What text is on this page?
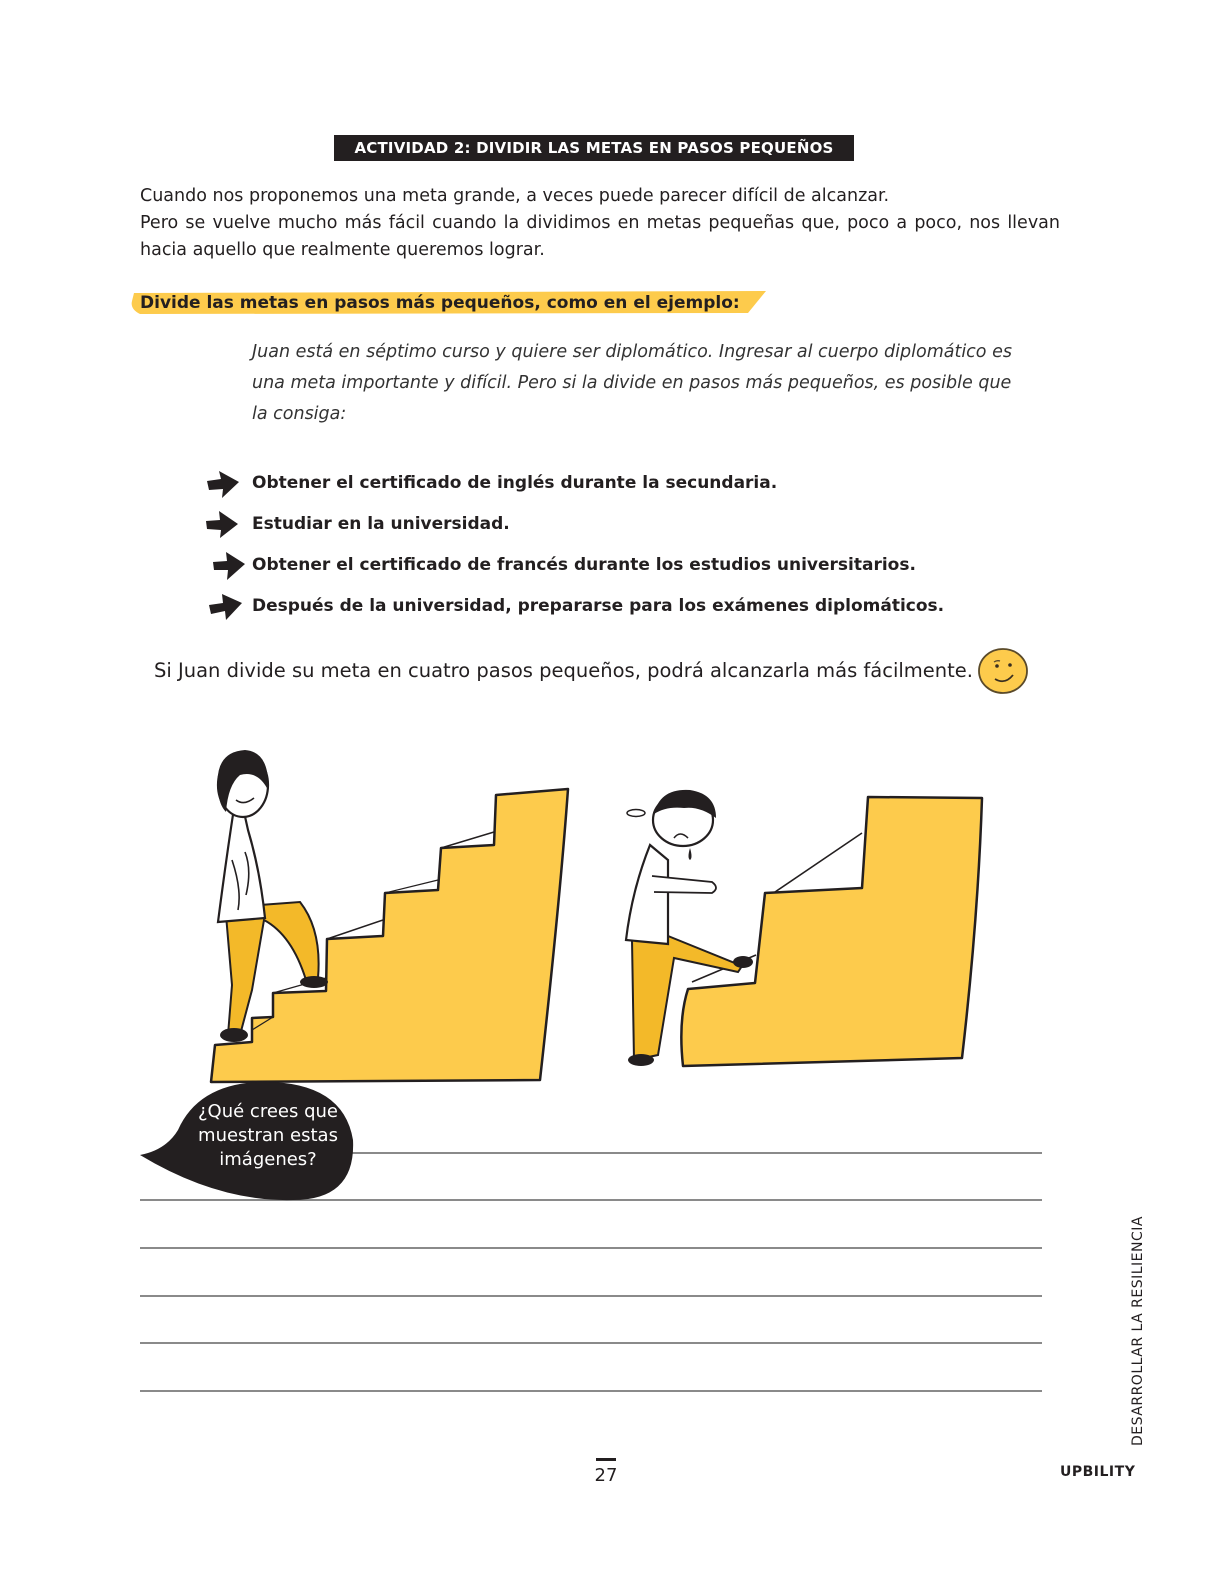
ACTIVIDAD 2: DIVIDIR LAS METAS EN PASOS PEQUEÑOS

Cuando nos proponemos una meta grande, a veces puede parecer difícil de alcanzar.

Pero se vuelve mucho más fácil cuando la dividimos en metas pequeñas que, poco a poco, nos llevan hacia aquello que realmente queremos lograr.

Divide las metas en pasos más pequeños, como en el ejemplo:
Juan está en séptimo curso y quiere ser diplomático. Ingresar al cuerpo diplomático es una meta importante y difícil. Pero si la divide en pasos más pequeños, es posible que la consiga:
Obtener el certificado de inglés durante la secundaria.
Estudiar en la universidad.
Obtener el certificado de francés durante los estudios universitarios.
Después de la universidad, prepararse para los exámenes diplomáticos.
Si Juan divide su meta en cuatro pasos pequeños, podrá alcanzarla más fácilmente.
¿Qué crees que
muestran estas
imágenes?
DESARROLLAR LA RESILIENCIA
UPBILITY
27
